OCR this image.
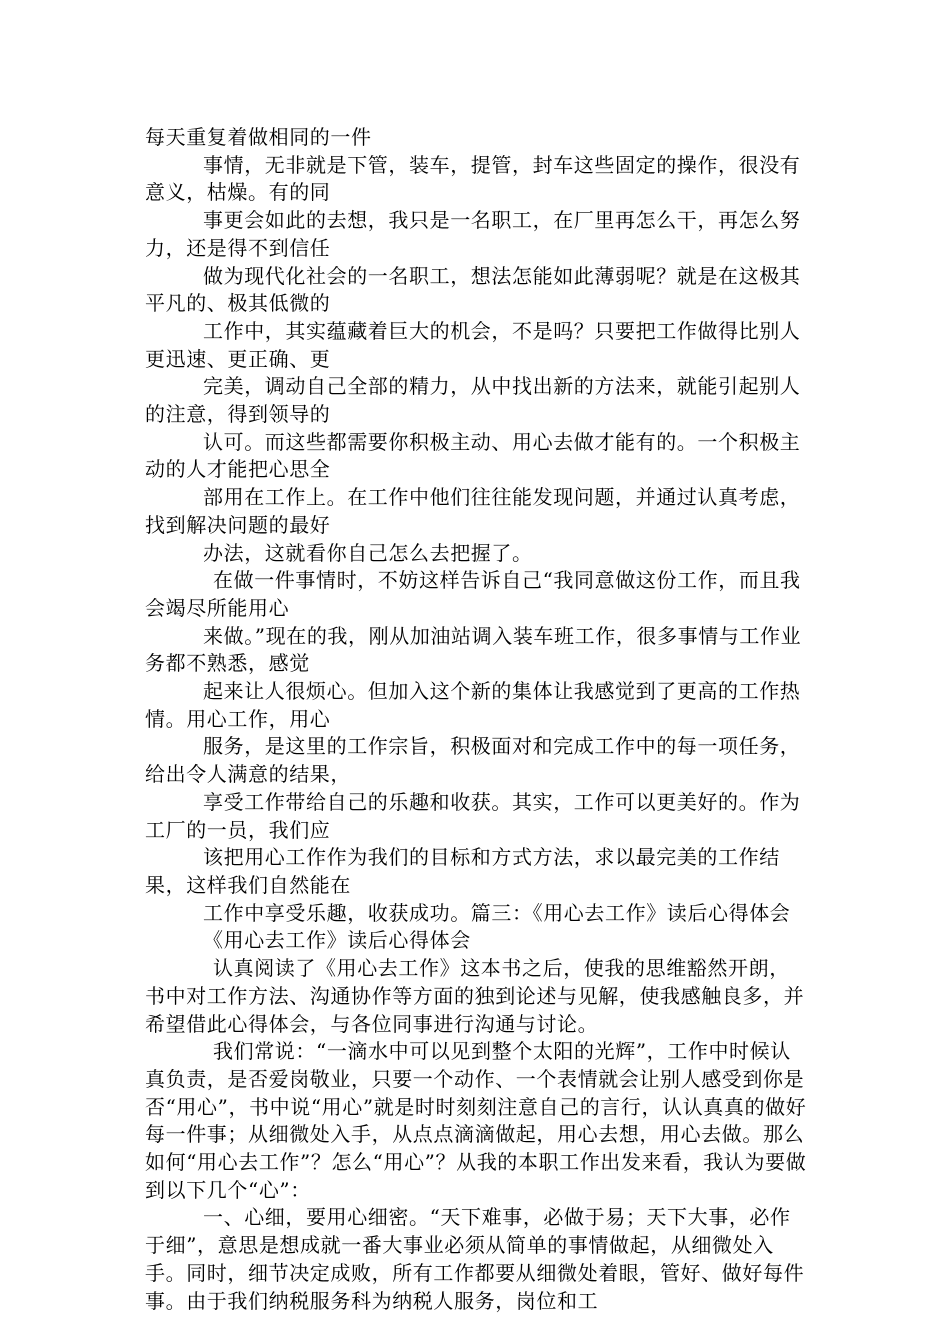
每天重复着做相同的一件

事情，无非就是下管，装车，提管，封车这些固定的操作，很没有意义，枯燥。有的同

事更会如此的去想，我只是一名职工，在厂里再怎么干，再怎么努力，还是得不到信任

做为现代化社会的一名职工，想法怎能如此薄弱呢？就是在这极其平凡的、极其低微的

工作中，其实蕴藏着巨大的机会，不是吗？只要把工作做得比别人更迅速、更正确、更

完美，调动自己全部的精力，从中找出新的方法来，就能引起别人的注意，得到领导的

认可。而这些都需要你积极主动、用心去做才能有的。一个积极主动的人才能把心思全

部用在工作上。在工作中他们往往能发现问题，并通过认真考虑，找到解决问题的最好

办法，这就看你自己怎么去把握了。

在做一件事情时，不妨这样告诉自己“我同意做这份工作，而且我会竭尽所能用心

来做。”现在的我，刚从加油站调入装车班工作，很多事情与工作业务都不熟悉，感觉

起来让人很烦心。但加入这个新的集体让我感觉到了更高的工作热情。用心工作，用心

服务，是这里的工作宗旨，积极面对和完成工作中的每一项任务，给出令人满意的结果，

享受工作带给自己的乐趣和收获。其实，工作可以更美好的。作为工厂的一员，我们应

该把用心工作作为我们的目标和方式方法，求以最完美的工作结果，这样我们自然能在

工作中享受乐趣，收获成功。篇三：《用心去工作》读后心得体会

《用心去工作》读后心得体会

认真阅读了《用心去工作》这本书之后，使我的思维豁然开朗，书中对工作方法、沟通协作等方面的独到论述与见解，使我感触良多，并希望借此心得体会，与各位同事进行沟通与讨论。

我们常说：“一滴水中可以见到整个太阳的光辉”，工作中时候认真负责，是否爱岗敬业，只要一个动作、一个表情就会让别人感受到你是否“用心”，书中说“用心”就是时时刻刻注意自己的言行，认认真真的做好每一件事；从细微处入手，从点点滴滴做起，用心去想，用心去做。那么如何“用心去工作”？怎么“用心”？从我的本职工作出发来看，我认为要做到以下几个“心”：

一、心细，要用心细密。“天下难事，必做于易；天下大事，必作于细”，意思是想成就一番大事业必须从简单的事情做起，从细微处入手。同时，细节决定成败，所有工作都要从细微处着眼，管好、做好每件事。由于我们纳税服务科为纳税人服务，岗位和工
